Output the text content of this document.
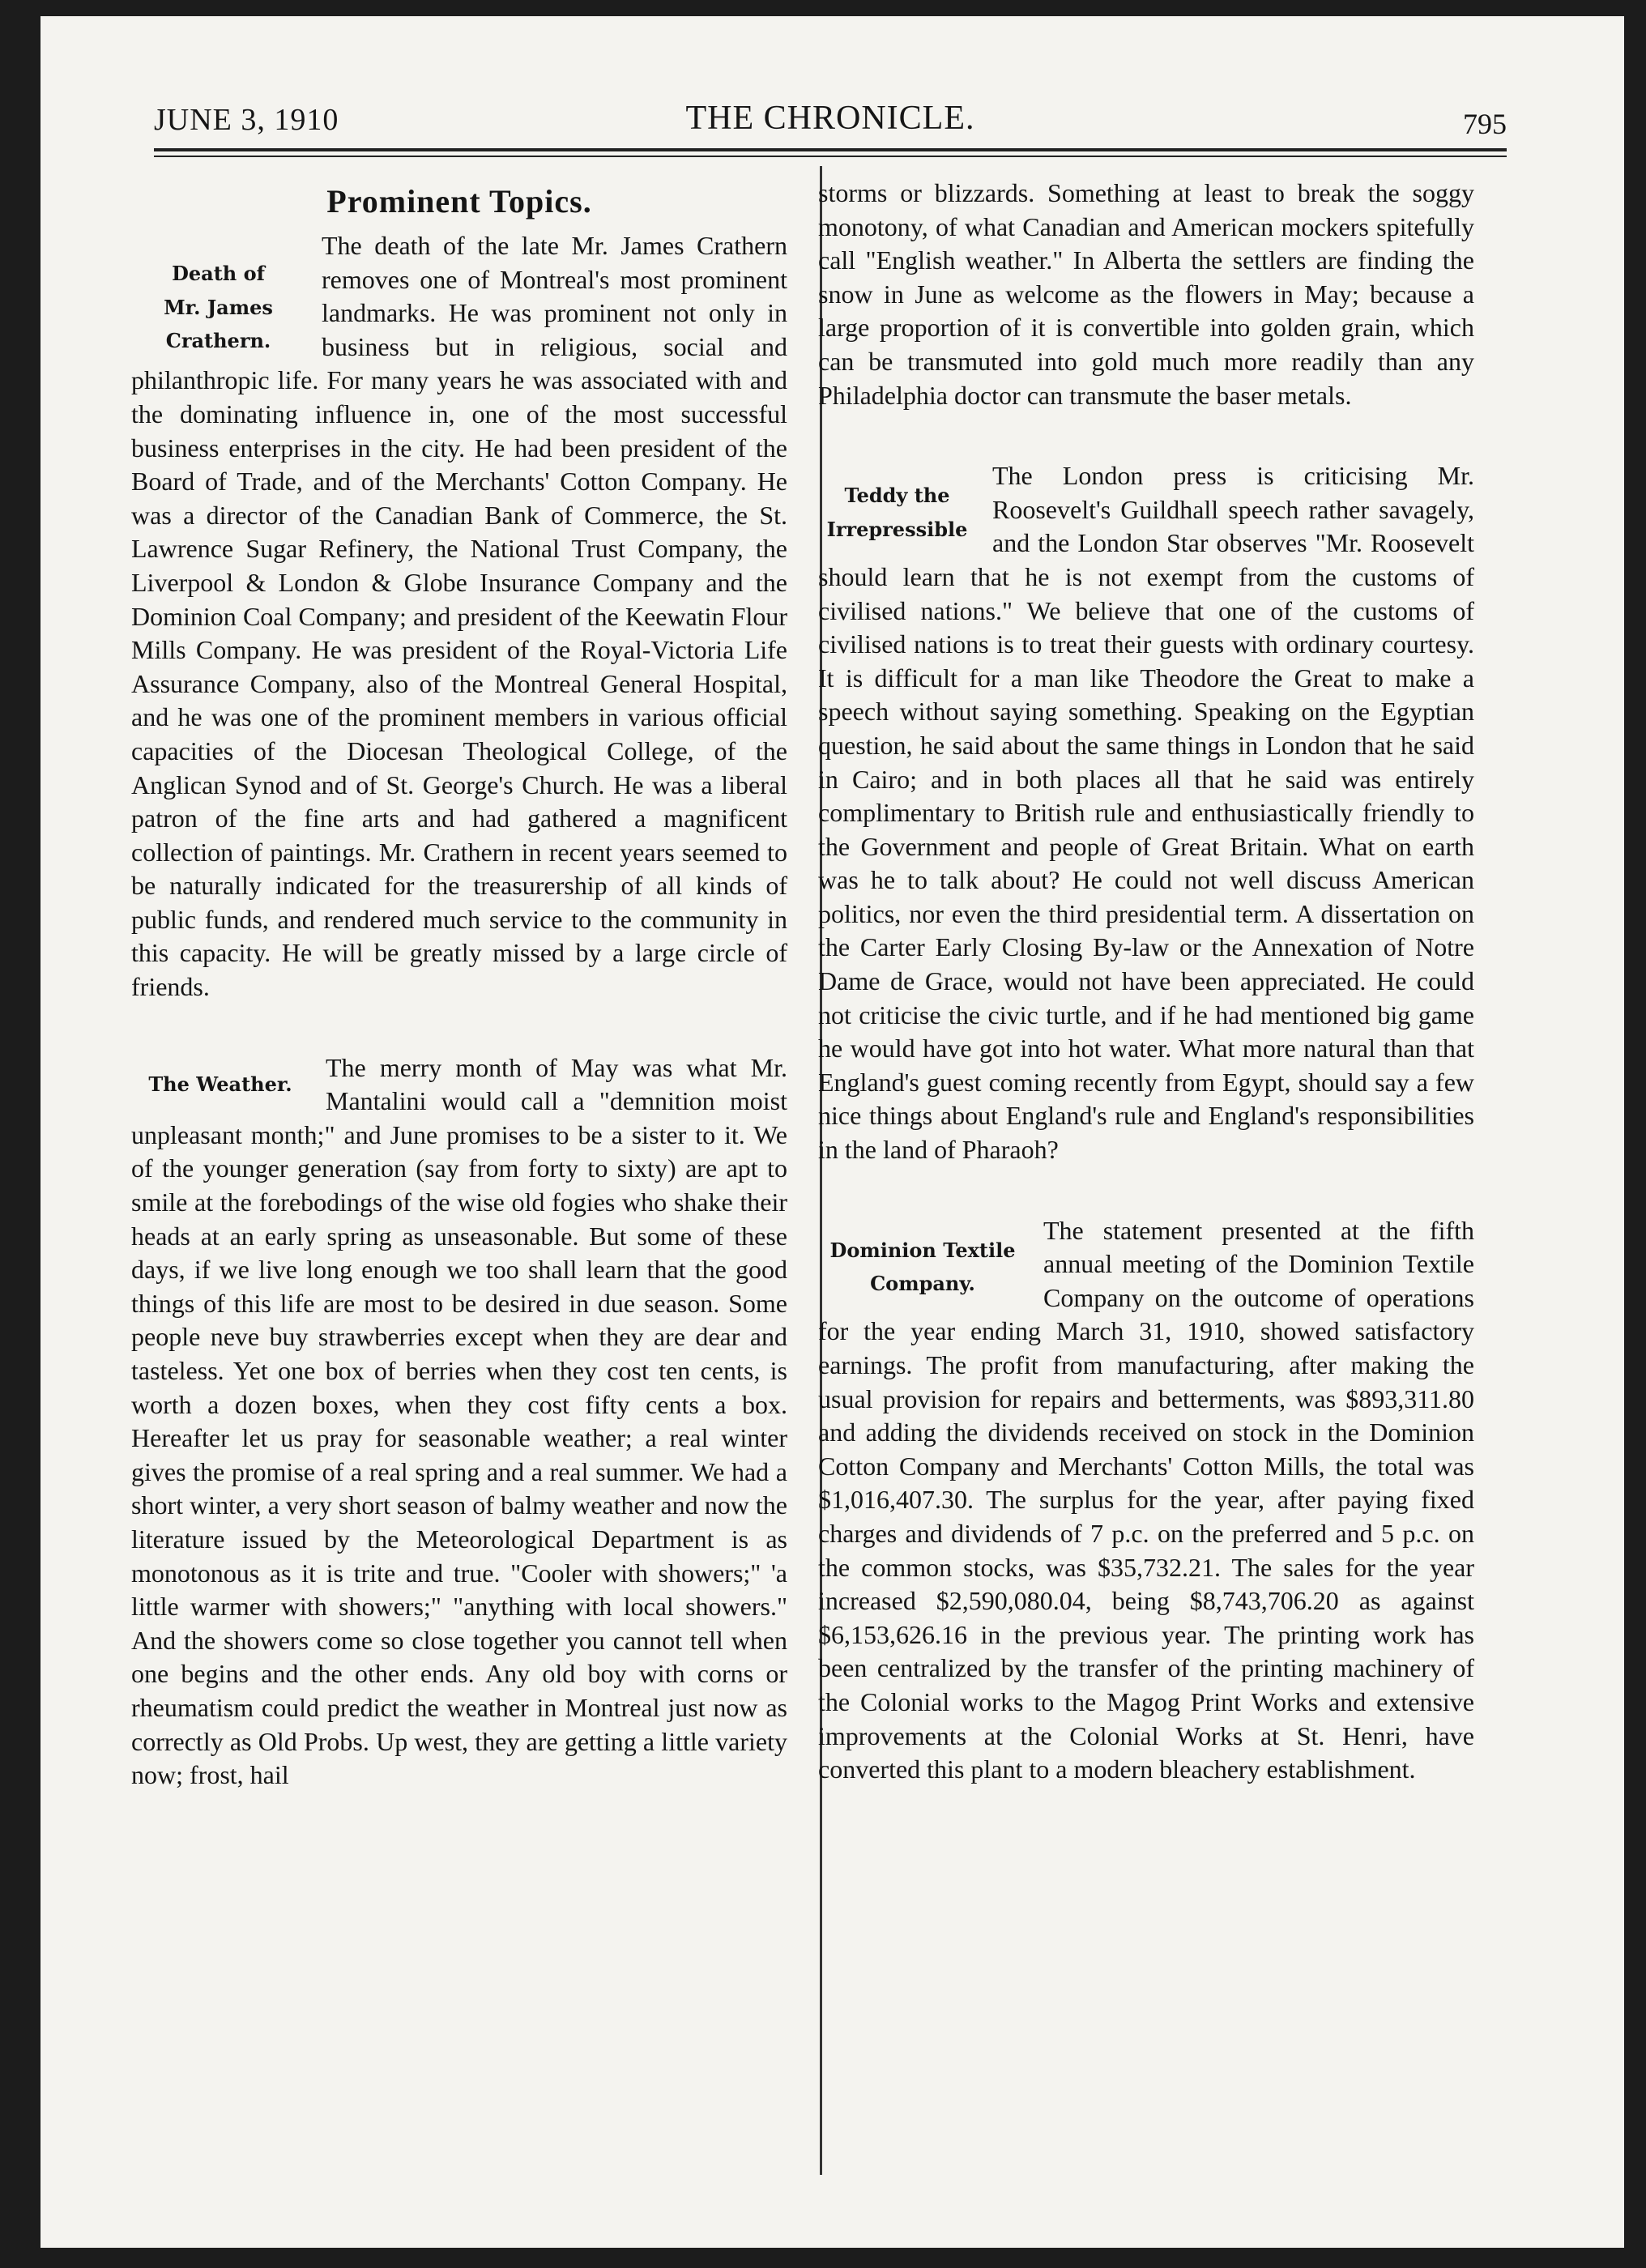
JUNE 3, 1910	THE CHRONICLE.	795
Prominent Topics.
Death of
Mr. James Crathern.

The death of the late Mr. James Crathern removes one of Montreal's most prominent landmarks. He was prominent not only in business but in religious, social and philanthropic life. For many years he was associated with and the dominating influence in, one of the most successful business enterprises in the city. He had been president of the Board of Trade, and of the Merchants' Cotton Company. He was a director of the Canadian Bank of Commerce, the St. Lawrence Sugar Refinery, the National Trust Company, the Liverpool & London & Globe Insurance Company and the Dominion Coal Company; and president of the Keewatin Flour Mills Company. He was president of the Royal-Victoria Life Assurance Company, also of the Montreal General Hospital, and he was one of the prominent members in various official capacities of the Diocesan Theological College, of the Anglican Synod and of St. George's Church. He was a liberal patron of the fine arts and had gathered a magnificent collection of paintings. Mr. Crathern in recent years seemed to be naturally indicated for the treasurership of all kinds of public funds, and rendered much service to the community in this capacity. He will be greatly missed by a large circle of friends.

The Weather.

The merry month of May was what Mr. Mantalini would call a "demnition moist unpleasant month;" and June promises to be a sister to it. We of the younger generation (say from forty to sixty) are apt to smile at the forebodings of the wise old fogies who shake their heads at an early spring as unseasonable. But some of these days, if we live long enough we too shall learn that the good things of this life are most to be desired in due season. Some people neve buy strawberries except when they are dear and tasteless. Yet one box of berries when they cost ten cents, is worth a dozen boxes, when they cost fifty cents a box. Hereafter let us pray for seasonable weather; a real winter gives the promise of a real spring and a real summer. We had a short winter, a very short season of balmy weather and now the literature issued by the Meteorological Department is as monotonous as it is trite and true. "Cooler with showers;" 'a little warmer with showers;" "anything with local showers." And the showers come so close together you cannot tell when one begins and the other ends. Any old boy with corns or rheumatism could predict the weather in Montreal just now as correctly as Old Probs. Up west, they are getting a little variety now; frost, hail

storms or blizzards. Something at least to break the soggy monotony, of what Canadian and American mockers spitefully call "English weather." In Alberta the settlers are finding the snow in June as welcome as the flowers in May; because a large proportion of it is convertible into golden grain, which can be transmuted into gold much more readily than any Philadelphia doctor can transmute the baser metals.

Teddy the
Irrepressible

The London press is criticising Mr. Roosevelt's Guildhall speech rather savagely, and the London Star observes "Mr. Roosevelt should learn that he is not exempt from the customs of civilised nations." We believe that one of the customs of civilised nations is to treat their guests with ordinary courtesy. It is difficult for a man like Theodore the Great to make a speech without saying something. Speaking on the Egyptian question, he said about the same things in London that he said in Cairo; and in both places all that he said was entirely complimentary to British rule and enthusiastically friendly to the Government and people of Great Britain. What on earth was he to talk about? He could not well discuss American politics, nor even the third presidential term. A dissertation on the Carter Early Closing By-law or the Annexation of Notre Dame de Grace, would not have been appreciated. He could not criticise the civic turtle, and if he had mentioned big game he would have got into hot water. What more natural than that England's guest coming recently from Egypt, should say a few nice things about England's rule and England's responsibilities in the land of Pharaoh?

Dominion Textile
Company.

The statement presented at the fifth annual meeting of the Dominion Textile Company on the outcome of operations for the year ending March 31, 1910, showed satisfactory earnings. The profit from manufacturing, after making the usual provision for repairs and betterments, was $893,311.80 and adding the dividends received on stock in the Dominion Cotton Company and Merchants' Cotton Mills, the total was $1,016,407.30. The surplus for the year, after paying fixed charges and dividends of 7 p.c. on the preferred and 5 p.c. on the common stocks, was $35,732.21. The sales for the year increased $2,590,080.04, being $8,743,706.20 as against $6,153,626.16 in the previous year. The printing work has been centralized by the transfer of the printing machinery of the Colonial works to the Magog Print Works and extensive improvements at the Colonial Works at St. Henri, have converted this plant to a modern bleachery establishment.
